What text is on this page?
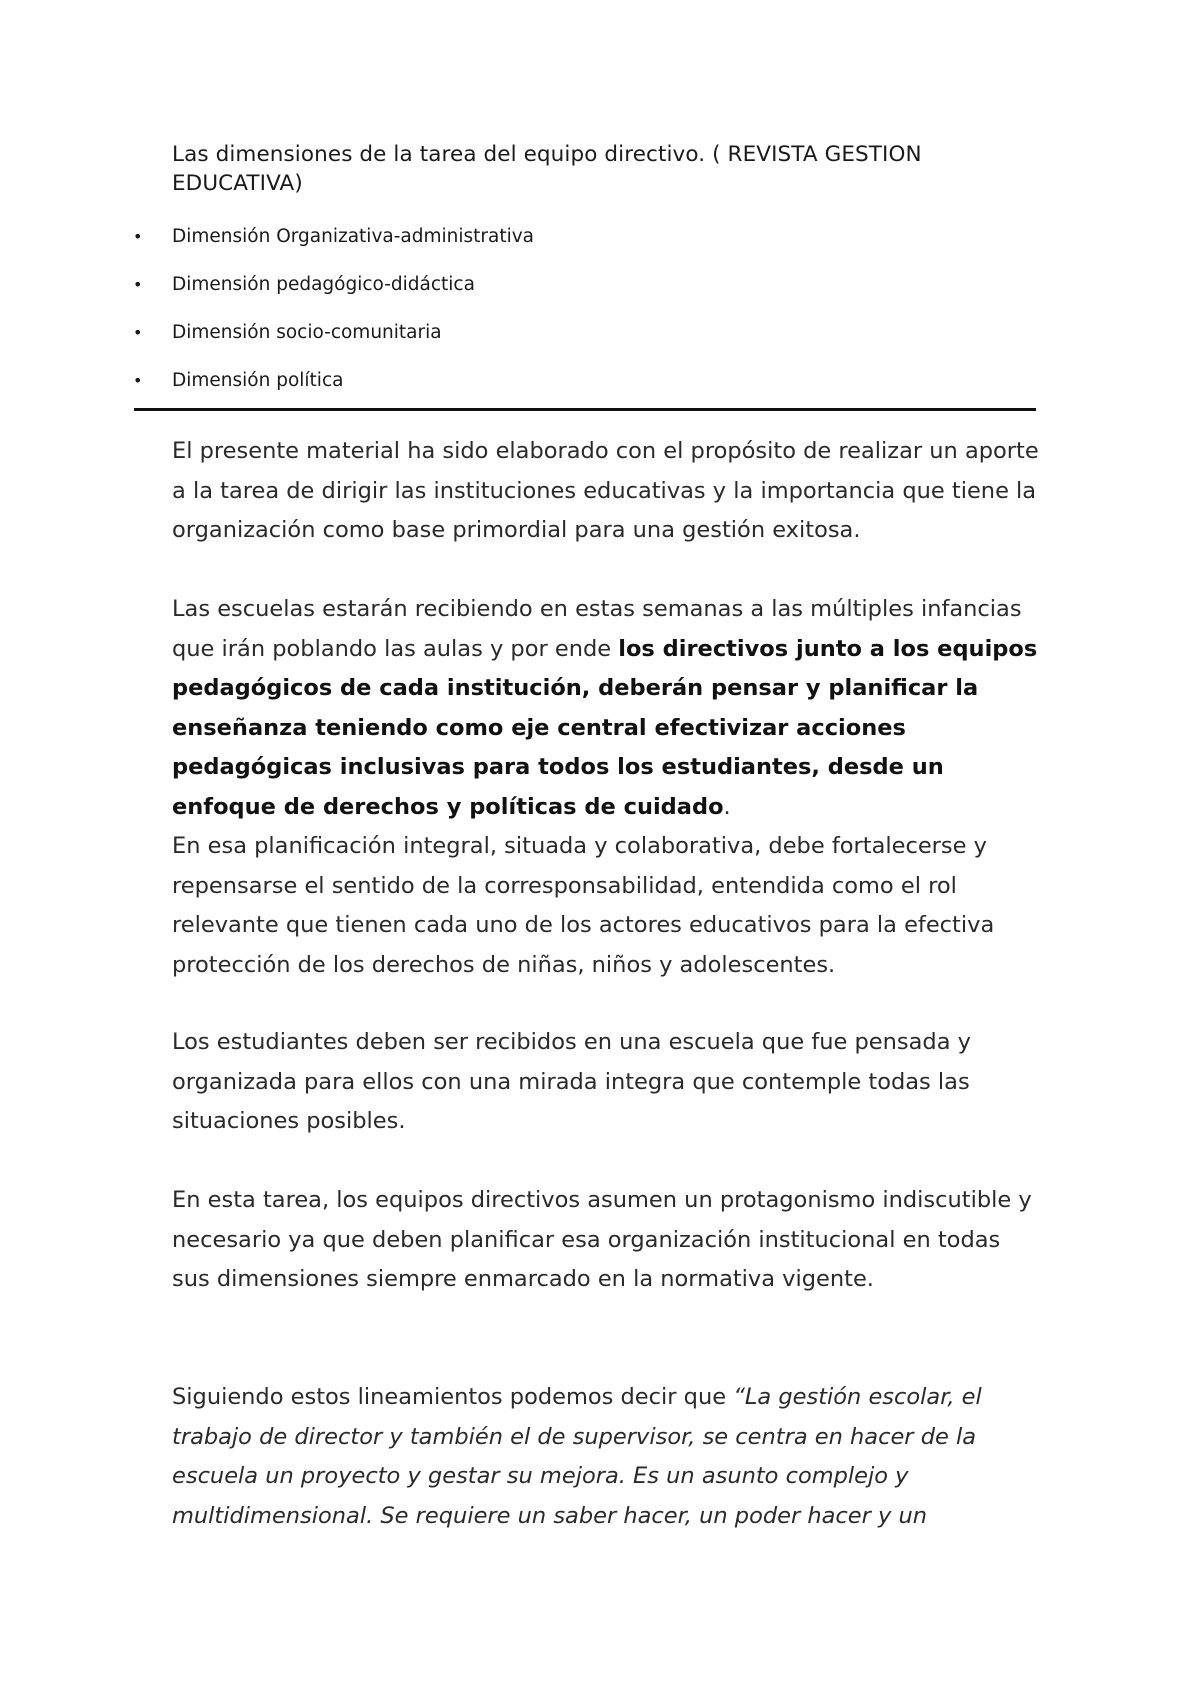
Las dimensiones de la tarea del equipo directivo. ( REVISTA GESTION EDUCATIVA)
• Dimensión Organizativa-administrativa
• Dimensión pedagógico-didáctica
• Dimensión socio-comunitaria
• Dimensión política

El presente material ha sido elaborado con el propósito de realizar un aporte a la tarea de dirigir las instituciones educativas y la importancia que tiene la organización como base primordial para una gestión exitosa.

Las escuelas estarán recibiendo en estas semanas a las múltiples infancias que irán poblando las aulas y por ende los directivos junto a los equipos pedagógicos de cada institución, deberán pensar y planificar la enseñanza teniendo como eje central efectivizar acciones pedagógicas inclusivas para todos los estudiantes, desde un enfoque de derechos y políticas de cuidado.
En esa planificación integral, situada y colaborativa, debe fortalecerse y repensarse el sentido de la corresponsabilidad, entendida como el rol relevante que tienen cada uno de los actores educativos para la efectiva protección de los derechos de niñas, niños y adolescentes.

Los estudiantes deben ser recibidos en una escuela que fue pensada y organizada para ellos con una mirada integra que contemple todas las situaciones posibles.

En esta tarea, los equipos directivos asumen un protagonismo indiscutible y necesario ya que deben planificar esa organización institucional en todas sus dimensiones siempre enmarcado en la normativa vigente.

Siguiendo estos lineamientos podemos decir que “La gestión escolar, el trabajo de director y también el de supervisor, se centra en hacer de la escuela un proyecto y gestar su mejora. Es un asunto complejo y multidimensional. Se requiere un saber hacer, un poder hacer y un
